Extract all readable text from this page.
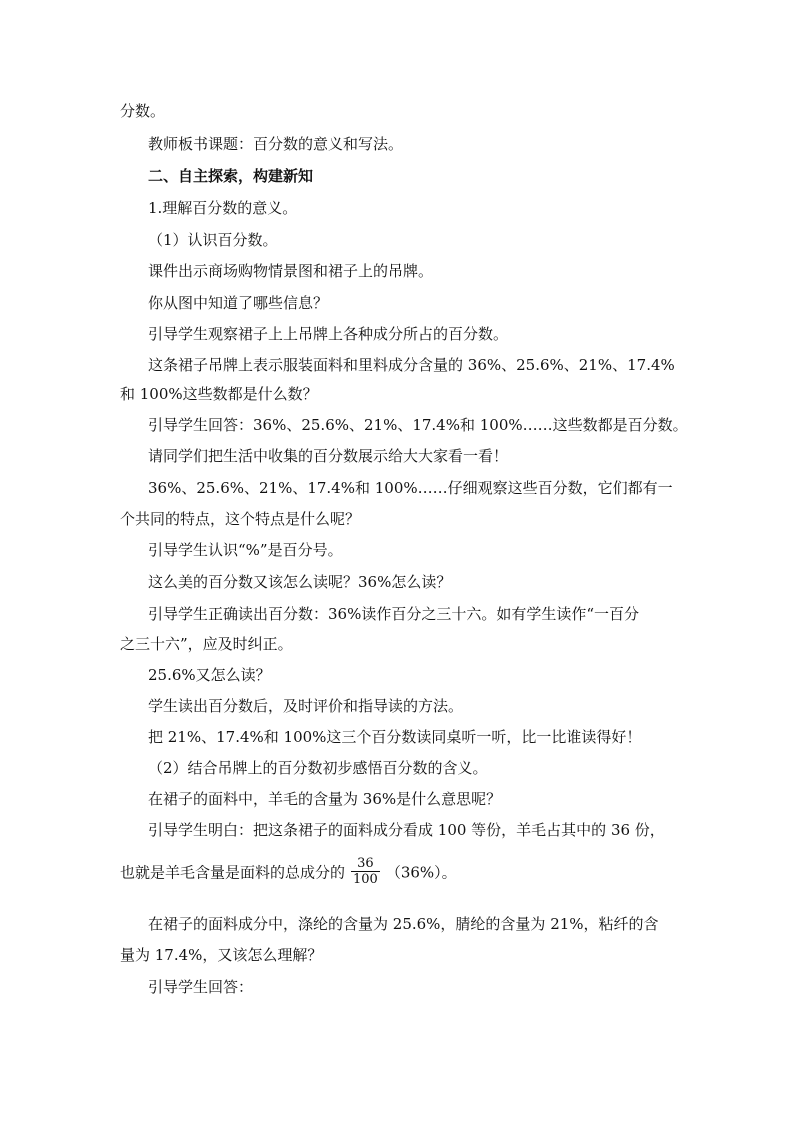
分数。
教师板书课题：百分数的意义和写法。
二、自主探索，构建新知
1.理解百分数的意义。
（1）认识百分数。
课件出示商场购物情景图和裙子上的吊牌。
你从图中知道了哪些信息？
引导学生观察裙子上上吊牌上各种成分所占的百分数。
这条裙子吊牌上表示服装面料和里料成分含量的 36%、25.6%、21%、17.4%
和 100%这些数都是什么数？
引导学生回答：36%、25.6%、21%、17.4%和 100%……这些数都是百分数。
请同学们把生活中收集的百分数展示给大大家看一看！
36%、25.6%、21%、17.4%和 100%……仔细观察这些百分数，它们都有一
个共同的特点，这个特点是什么呢？
引导学生认识“%”是百分号。
这么美的百分数又该怎么读呢？36%怎么读？
引导学生正确读出百分数：36%读作百分之三十六。如有学生读作“一百分
之三十六”，应及时纠正。
25.6%又怎么读？
学生读出百分数后，及时评价和指导读的方法。
把 21%、17.4%和 100%这三个百分数读同桌听一听，比一比谁读得好！
（2）结合吊牌上的百分数初步感悟百分数的含义。
在裙子的面料中，羊毛的含量为 36%是什么意思呢？
引导学生明白：把这条裙子的面料成分看成 100 等份，羊毛占其中的 36 份，
也就是羊毛含量是面料的总成分的 $\frac{36}{100} (36\%)$。
在裙子的面料成分中，涤纶的含量为 25.6%，腈纶的含量为 21%，粘纤的含
量为 17.4%，又该怎么理解？
引导学生回答：
